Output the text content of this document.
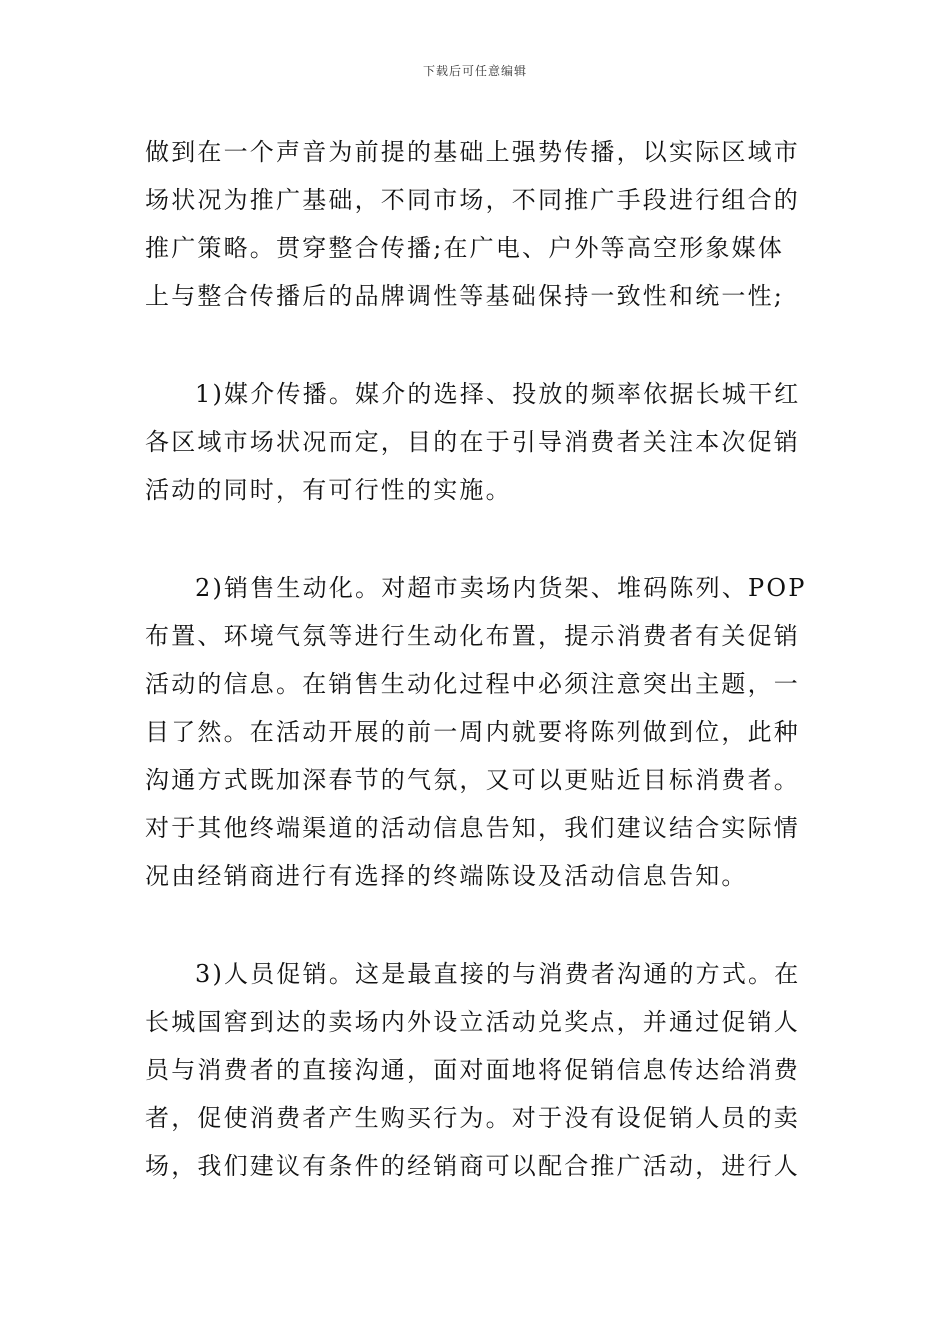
下载后可任意编辑

做到在一个声音为前提的基础上强势传播，以实际区域市场状况为推广基础，不同市场，不同推广手段进行组合的推广策略。贯穿整合传播;在广电、户外等高空形象媒体上与整合传播后的品牌调性等基础保持一致性和统一性;

1)媒介传播。媒介的选择、投放的频率依据长城干红各区域市场状况而定，目的在于引导消费者关注本次促销活动的同时，有可行性的实施。

2)销售生动化。对超市卖场内货架、堆码陈列、POP布置、环境气氛等进行生动化布置，提示消费者有关促销活动的信息。在销售生动化过程中必须注意突出主题，一目了然。在活动开展的前一周内就要将陈列做到位，此种沟通方式既加深春节的气氛，又可以更贴近目标消费者。对于其他终端渠道的活动信息告知，我们建议结合实际情况由经销商进行有选择的终端陈设及活动信息告知。

3)人员促销。这是最直接的与消费者沟通的方式。在长城国窖到达的卖场内外设立活动兑奖点，并通过促销人员与消费者的直接沟通，面对面地将促销信息传达给消费者，促使消费者产生购买行为。对于没有设促销人员的卖场，我们建议有条件的经销商可以配合推广活动，进行人
